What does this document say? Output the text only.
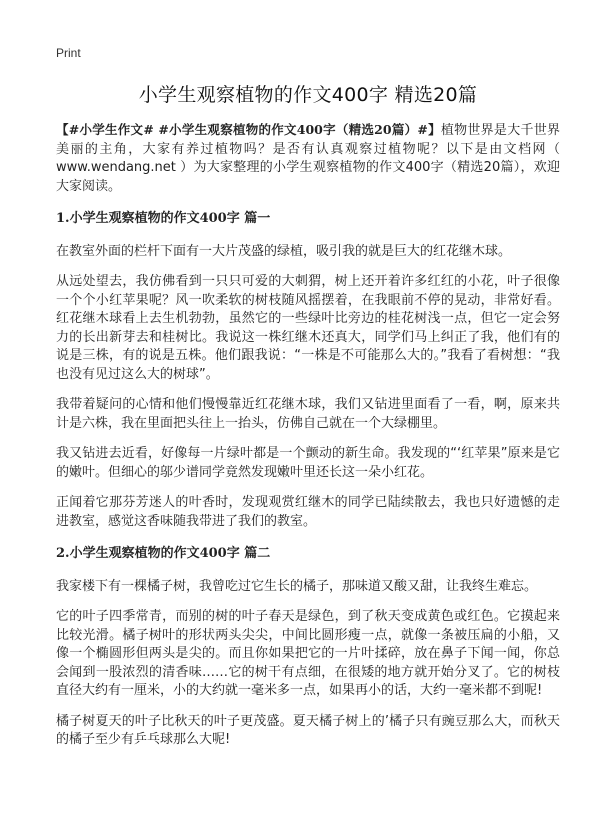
Print
小学生观察植物的作文400字 精选20篇

【#小学生作文# #小学生观察植物的作文400字（精选20篇）#】植物世界是大千世界美丽的主角，大家有养过植物吗？是否有认真观察过植物呢？以下是由文档网（ www.wendang.net ）为大家整理的小学生观察植物的作文400字（精选20篇），欢迎大家阅读。

1.小学生观察植物的作文400字 篇一

在教室外面的栏杆下面有一大片茂盛的绿植，吸引我的就是巨大的红花继木球。

从远处望去，我仿佛看到一只只可爱的大刺猬，树上还开着许多红红的小花，叶子很像一个个小红苹果呢？风一吹柔软的树枝随风摇摆着，在我眼前不停的晃动，非常好看。红花继木球看上去生机勃勃，虽然它的一些绿叶比旁边的桂花树浅一点，但它一定会努力的长出新芽去和桂树比。我说这一株红继木还真大，同学们马上纠正了我，他们有的说是三株，有的说是五株。他们跟我说：“一株是不可能那么大的。”我看了看树想：“我也没有见过这么大的树球”。

我带着疑问的心情和他们慢慢靠近红花继木球，我们又钻进里面看了一看，啊，原来共计是六株，我在里面把头往上一抬头，仿佛自己就在一个大绿棚里。

我又钻进去近看，好像每一片绿叶都是一个颤动的新生命。我发现的“‘红苹果”原来是它的嫩叶。但细心的邬少谱同学竟然发现嫩叶里还长这一朵小红花。

正闻着它那芬芳迷人的叶香时，发现观赏红继木的同学已陆续散去，我也只好遗憾的走进教室，感觉这香味随我带进了我们的教室。

2.小学生观察植物的作文400字 篇二

我家楼下有一棵橘子树，我曾吃过它生长的橘子，那味道又酸又甜，让我终生难忘。

它的叶子四季常青，而别的树的叶子春天是绿色，到了秋天变成黄色或红色。它摸起来比较光滑。橘子树叶的形状两头尖尖，中间比圆形瘦一点，就像一条被压扁的小船，又像一个椭圆形但两头是尖的。而且你如果把它的一片叶揉碎，放在鼻子下闻一闻，你总会闻到一股浓烈的清香味……它的树干有点细，在很矮的地方就开始分叉了。它的树枝直径大约有一厘米，小的大约就一毫米多一点，如果再小的话，大约一毫米都不到呢!

橘子树夏天的叶子比秋天的叶子更茂盛。夏天橘子树上的’橘子只有豌豆那么大，而秋天的橘子至少有乒乓球那么大呢!
